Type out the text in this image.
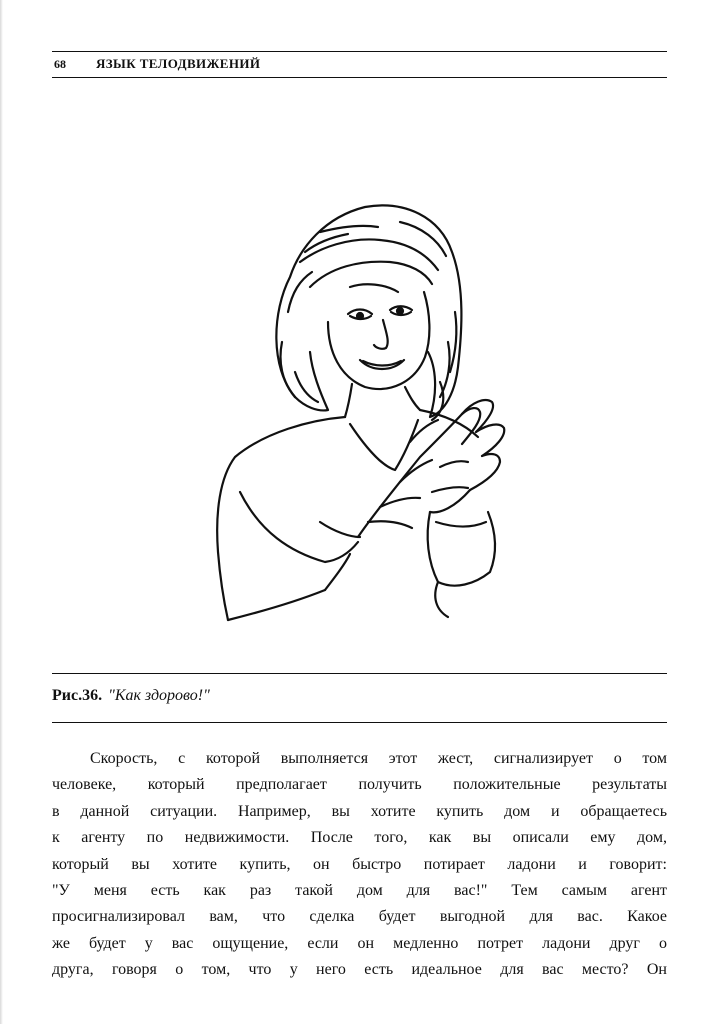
68 ЯЗЫК ТЕЛОДВИЖЕНИЙ
Рис.36. "Как здорово!"
Скорость, с которой выполняется этот жест, сигнализирует о том
человеке, который предполагает получить положительные результаты
в данной ситуации. Например, вы хотите купить дом и обращаетесь
к агенту по недвижимости. После того, как вы описали ему дом,
который вы хотите купить, он быстро потирает ладони и говорит:
"У меня есть как раз такой дом для вас!" Тем самым агент
просигнализировал вам, что сделка будет выгодной для вас. Какое
же будет у вас ощущение, если он медленно потрет ладони друг о
друга, говоря о том, что у него есть идеальное для вас место? Он
